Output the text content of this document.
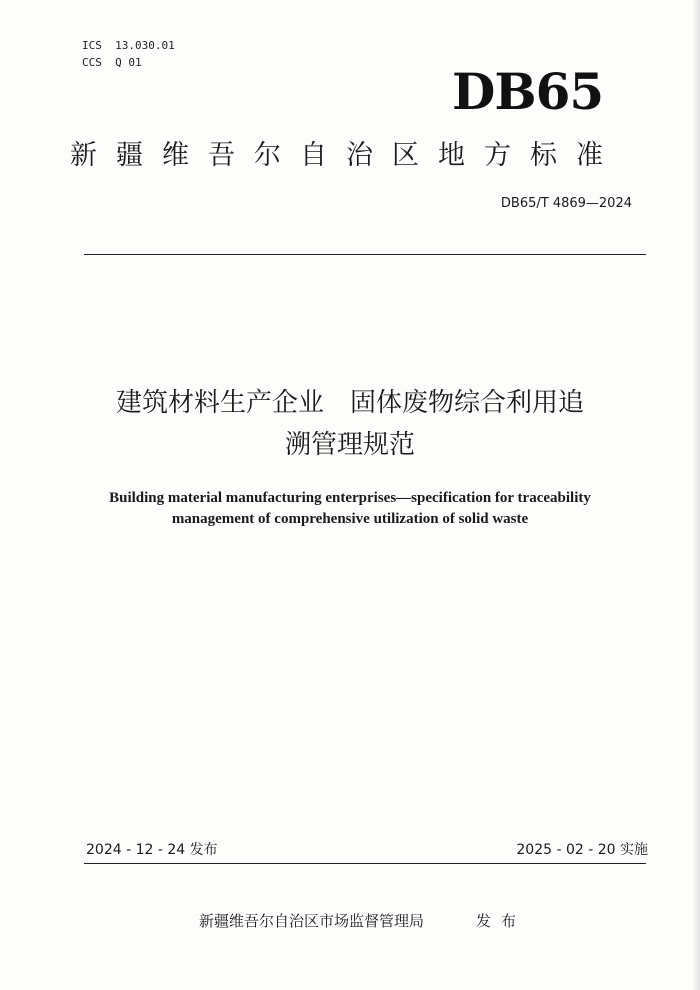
ICS  13.030.01
CCS  Q 01	DB65
新疆维吾尔自治区地方标准
DB65/T 4869—2024
建筑材料生产企业　固体废物综合利用追
溯管理规范
Building material manufacturing enterprises—specification for traceability
management of comprehensive utilization of solid waste
2024 - 12 - 24 发布	2025 - 02 - 20 实施
新疆维吾尔自治区市场监督管理局	发布
